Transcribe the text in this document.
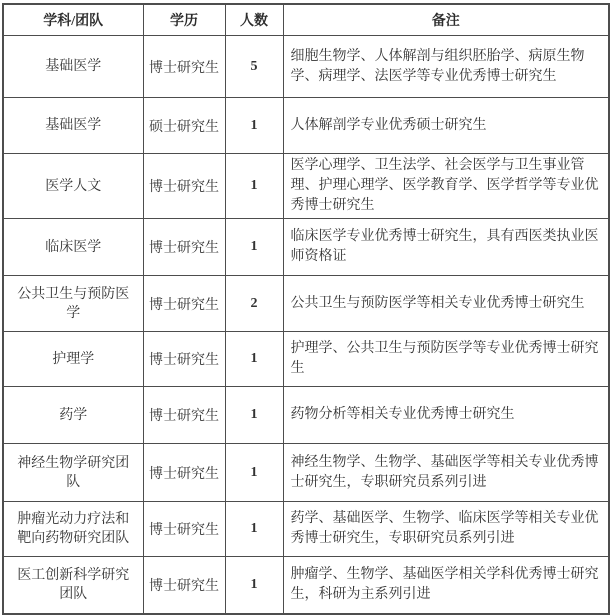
学科/团队	学历	人数	备注
基础医学	博士研究生	5	细胞生物学、人体解剖与组织胚胎学、病原生物学、病理学、法医学等专业优秀博士研究生
基础医学	硕士研究生	1	人体解剖学专业优秀硕士研究生
医学人文	博士研究生	1	医学心理学、卫生法学、社会医学与卫生事业管理、护理心理学、医学教育学、医学哲学等专业优秀博士研究生
临床医学	博士研究生	1	临床医学专业优秀博士研究生，具有西医类执业医师资格证
公共卫生与预防医学	博士研究生	2	公共卫生与预防医学等相关专业优秀博士研究生
护理学	博士研究生	1	护理学、公共卫生与预防医学等专业优秀博士研究生
药学	博士研究生	1	药物分析等相关专业优秀博士研究生
神经生物学研究团队	博士研究生	1	神经生物学、生物学、基础医学等相关专业优秀博士研究生，专职研究员系列引进
肿瘤光动力疗法和靶向药物研究团队	博士研究生	1	药学、基础医学、生物学、临床医学等相关专业优秀博士研究生，专职研究员系列引进
医工创新科学研究团队	博士研究生	1	肿瘤学、生物学、基础医学相关学科优秀博士研究生，科研为主系列引进
